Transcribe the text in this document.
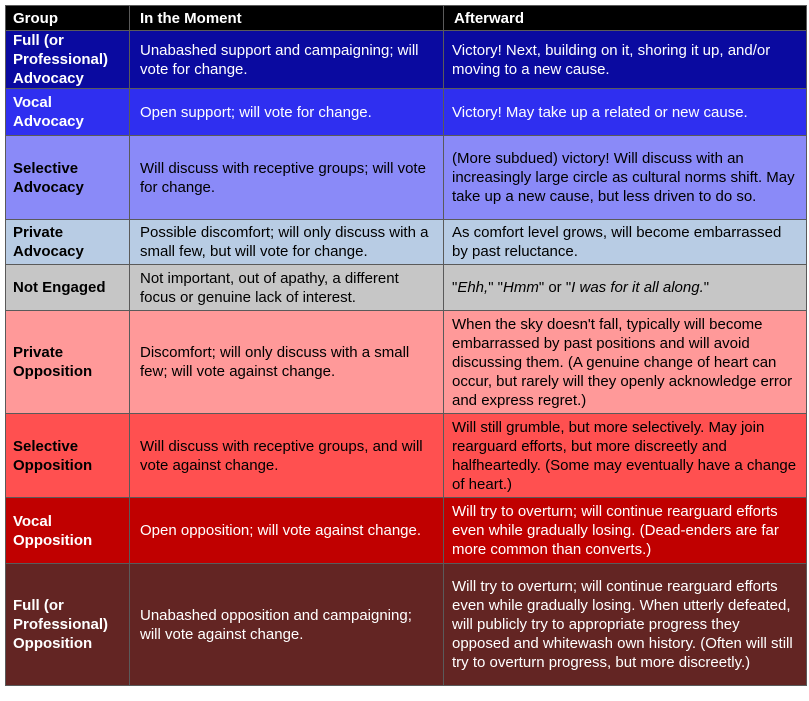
Group	In the Moment	Afterward
Full (or Professional) Advocacy	Unabashed support and campaigning; will vote for change.	Victory! Next, building on it, shoring it up, and/or moving to a new cause.
Vocal Advocacy	Open support; will vote for change.	Victory! May take up a related or new cause.
Selective Advocacy	Will discuss with receptive groups; will vote for change.	(More subdued) victory! Will discuss with an increasingly large circle as cultural norms shift. May take up a new cause, but less driven to do so.
Private Advocacy	Possible discomfort; will only discuss with a small few, but will vote for change.	As comfort level grows, will become embarrassed by past reluctance.
Not Engaged	Not important, out of apathy, a different focus or genuine lack of interest.	"Ehh," "Hmm" or "I was for it all along."
Private Opposition	Discomfort; will only discuss with a small few; will vote against change.	When the sky doesn't fall, typically will become embarrassed by past positions and will avoid discussing them. (A genuine change of heart can occur, but rarely will they openly acknowledge error and express regret.)
Selective Opposition	Will discuss with receptive groups, and will vote against change.	Will still grumble, but more selectively. May join rearguard efforts, but more discreetly and halfheartedly. (Some may eventually have a change of heart.)
Vocal Opposition	Open opposition; will vote against change.	Will try to overturn; will continue rearguard efforts even while gradually losing. (Dead-enders are far more common than converts.)
Full (or Professional) Opposition	Unabashed opposition and campaigning; will vote against change.	Will try to overturn; will continue rearguard efforts even while gradually losing. When utterly defeated, will publicly try to appropriate progress they opposed and whitewash own history. (Often will still try to overturn progress, but more discreetly.)
